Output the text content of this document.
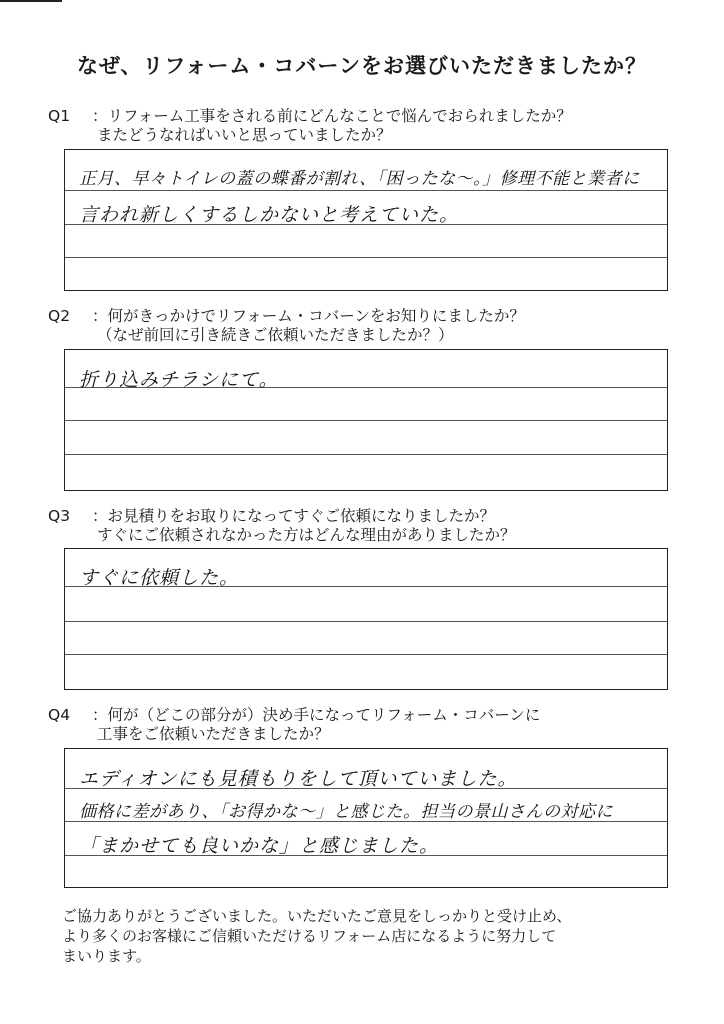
なぜ、リフォーム・コバーンをお選びいただきましたか？
Q1 ：リフォーム工事をされる前にどんなことで悩んでおられましたか？
またどうなればいいと思っていましたか？
正月、早々トイレの蓋の蝶番が割れ、「困ったな～。」修理不能と業者に
言われ新しくするしかないと考えていた。
Q2 ：何がきっかけでリフォーム・コバーンをお知りにましたか？
（なぜ前回に引き続きご依頼いただきましたか？）
折り込みチラシにて。
Q3 ：お見積りをお取りになってすぐご依頼になりましたか？
すぐにご依頼されなかった方はどんな理由がありましたか？
すぐに依頼した。
Q4 ：何が（どこの部分が）決め手になってリフォーム・コバーンに
工事をご依頼いただきましたか？
エディオンにも見積もりをして頂いていました。
価格に差があり、「お得かな～」と感じた。担当の景山さんの対応に
「まかせても良いかな」と感じました。
ご協力ありがとうございました。いただいたご意見をしっかりと受け止め、
より多くのお客様にご信頼いただけるリフォーム店になるように努力して
まいります。
